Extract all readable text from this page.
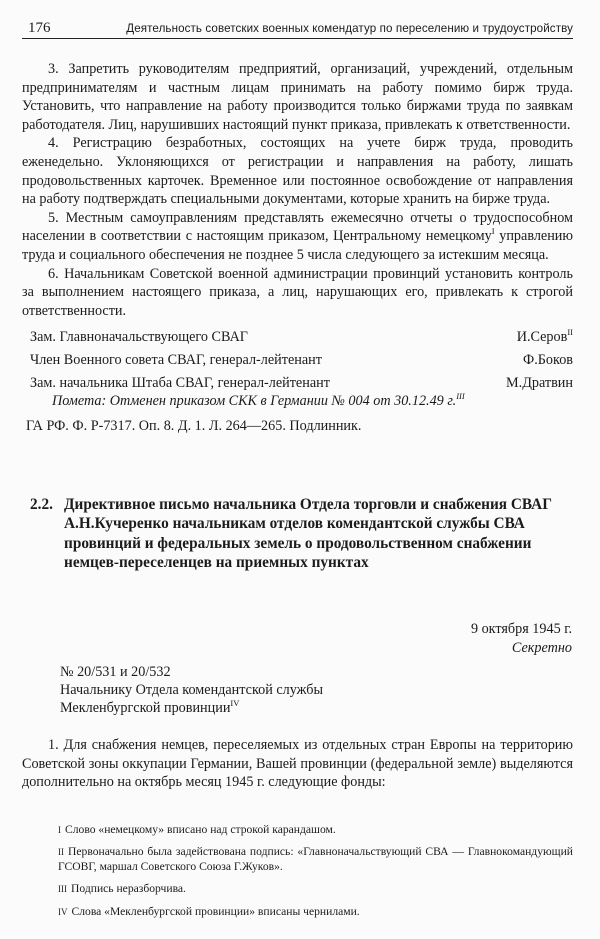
176	Деятельность советских военных комендатур по переселению и трудоустройству

3. Запретить руководителям предприятий, организаций, учреждений, отдельным предпринимателям и частным лицам принимать на работу помимо бирж труда. Установить, что направление на работу производится только биржами труда по заявкам работодателя. Лиц, нарушивших настоящий пункт приказа, привлекать к ответственности.

4. Регистрацию безработных, состоящих на учете бирж труда, проводить еженедельно. Уклоняющихся от регистрации и направления на работу, лишать продовольственных карточек. Временное или постоянное освобождение от направления на работу подтверждать специальными документами, которые хранить на бирже труда.

5. Местным самоуправлениям представлять ежемесячно отчеты о трудоспособном населении в соответствии с настоящим приказом, Центральному немецкому$^I$ управлению труда и социального обеспечения не позднее 5 числа следующего за истекшим месяца.

6. Начальникам Советской военной администрации провинций установить контроль за выполнением настоящего приказа, а лиц, нарушающих его, привлекать к строгой ответственности.

Зам. Главноначальствующего СВАГ	И.Серов$^{II}$
Член Военного совета СВАГ, генерал-лейтенант	Ф.Боков
Зам. начальника Штаба СВАГ, генерал-лейтенант	М.Дратвин

Помета: Отменен приказом СКК в Германии № 004 от 30.12.49 г.$^{III}$

ГА РФ. Ф. Р-7317. Оп. 8. Д. 1. Л. 264—265. Подлинник.

2.2. Директивное письмо начальника Отдела торговли и снабжения СВАГ А.Н.Кучеренко начальникам отделов комендантской службы СВА провинций и федеральных земель о продовольственном снабжении немцев-переселенцев на приемных пунктах
9 октября 1945 г.
Секретно
№ 20/531 и 20/532
Начальнику Отдела комендантской службы
Мекленбургской провинции$^{IV}$

1. Для снабжения немцев, переселяемых из отдельных стран Европы на территорию Советской зоны оккупации Германии, Вашей провинции (федеральной земле) выделяются дополнительно на октябрь месяц 1945 г. следующие фонды:

I Слово «немецкому» вписано над строкой карандашом.

II Первоначально была задействована подпись: «Главноначальствующий СВА — Главнокомандующий ГСОВГ, маршал Советского Союза Г.Жуков».

III Подпись неразборчива.

IV Слова «Мекленбургской провинции» вписаны чернилами.
